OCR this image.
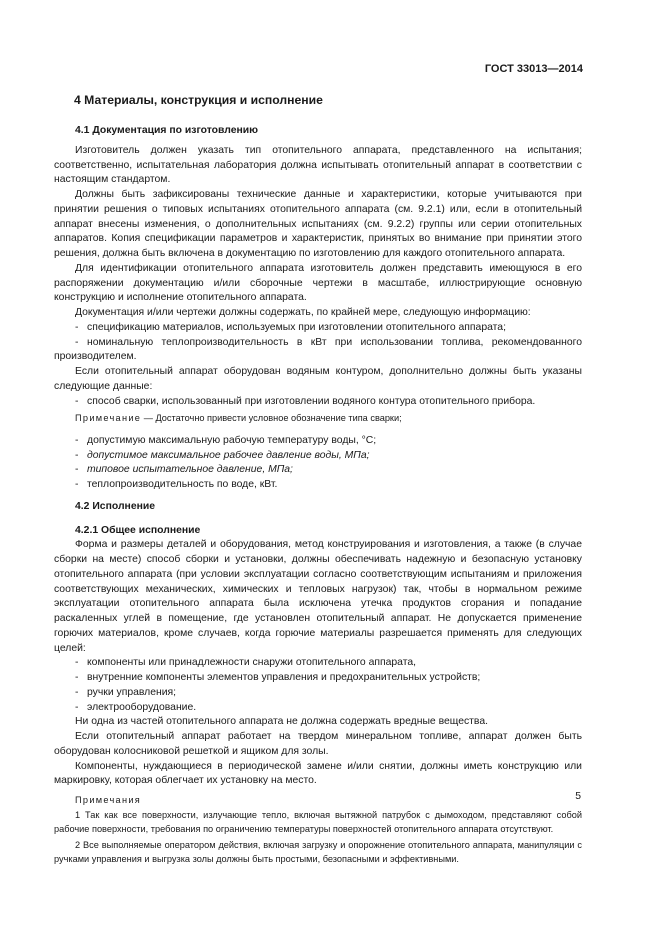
ГОСТ 33013—2014
4 Материалы, конструкция и исполнение
4.1 Документация по изготовлению

Изготовитель должен указать тип отопительного аппарата, представленного на испытания; соответственно, испытательная лаборатория должна испытывать отопительный аппарат в соответствии с настоящим стандартом.

Должны быть зафиксированы технические данные и характеристики, которые учитываются при принятии решения о типовых испытаниях отопительного аппарата (см. 9.2.1) или, если в отопительный аппарат внесены изменения, о дополнительных испытаниях (см. 9.2.2) группы или серии отопительных аппаратов. Копия спецификации параметров и характеристик, принятых во внимание при принятии этого решения, должна быть включена в документацию по изготовлению для каждого отопительного аппарата.

Для идентификации отопительного аппарата изготовитель должен представить имеющуюся в его распоряжении документацию и/или сборочные чертежи в масштабе, иллюстрирующие основную конструкцию и исполнение отопительного аппарата.

Документация и/или чертежи должны содержать, по крайней мере, следующую информацию:

- спецификацию материалов, используемых при изготовлении отопительного аппарата;
- номинальную теплопроизводительность в кВт при использовании топлива, рекомендованного производителем.

Если отопительный аппарат оборудован водяным контуром, дополнительно должны быть указаны следующие данные:

- способ сварки, использованный при изготовлении водяного контура отопительного прибора.
Примечание — Достаточно привести условное обозначение типа сварки;
- допустимую максимальную рабочую температуру воды, °С;
- допустимое максимальное рабочее давление воды, МПа;
- типовое испытательное давление, МПа;
- теплопроизводительность по воде, кВт.
4.2 Исполнение
4.2.1 Общее исполнение

Форма и размеры деталей и оборудования, метод конструирования и изготовления, а также (в случае сборки на месте) способ сборки и установки, должны обеспечивать надежную и безопасную установку отопительного аппарата (при условии эксплуатации согласно соответствующим испытаниям и приложения соответствующих механических, химических и тепловых нагрузок) так, чтобы в нормальном режиме эксплуатации отопительного аппарата была исключена утечка продуктов сгорания и попадание раскаленных углей в помещение, где установлен отопительный аппарат. Не допускается применение горючих материалов, кроме случаев, когда горючие материалы разрешается применять для следующих целей:

- компоненты или принадлежности снаружи отопительного аппарата,
- внутренние компоненты элементов управления и предохранительных устройств;
- ручки управления;
- электрооборудование.

Ни одна из частей отопительного аппарата не должна содержать вредные вещества.

Если отопительный аппарат работает на твердом минеральном топливе, аппарат должен быть оборудован колосниковой решеткой и ящиком для золы.

Компоненты, нуждающиеся в периодической замене и/или снятии, должны иметь конструкцию или маркировку, которая облегчает их установку на место.

Примечания

1 Так как все поверхности, излучающие тепло, включая вытяжной патрубок с дымоходом, представляют собой рабочие поверхности, требования по ограничению температуры поверхностей отопительного аппарата отсутствуют.

2 Все выполняемые оператором действия, включая загрузку и опорожнение отопительного аппарата, манипуляции с ручками управления и выгрузка золы должны быть простыми, безопасными и эффективными.

5
